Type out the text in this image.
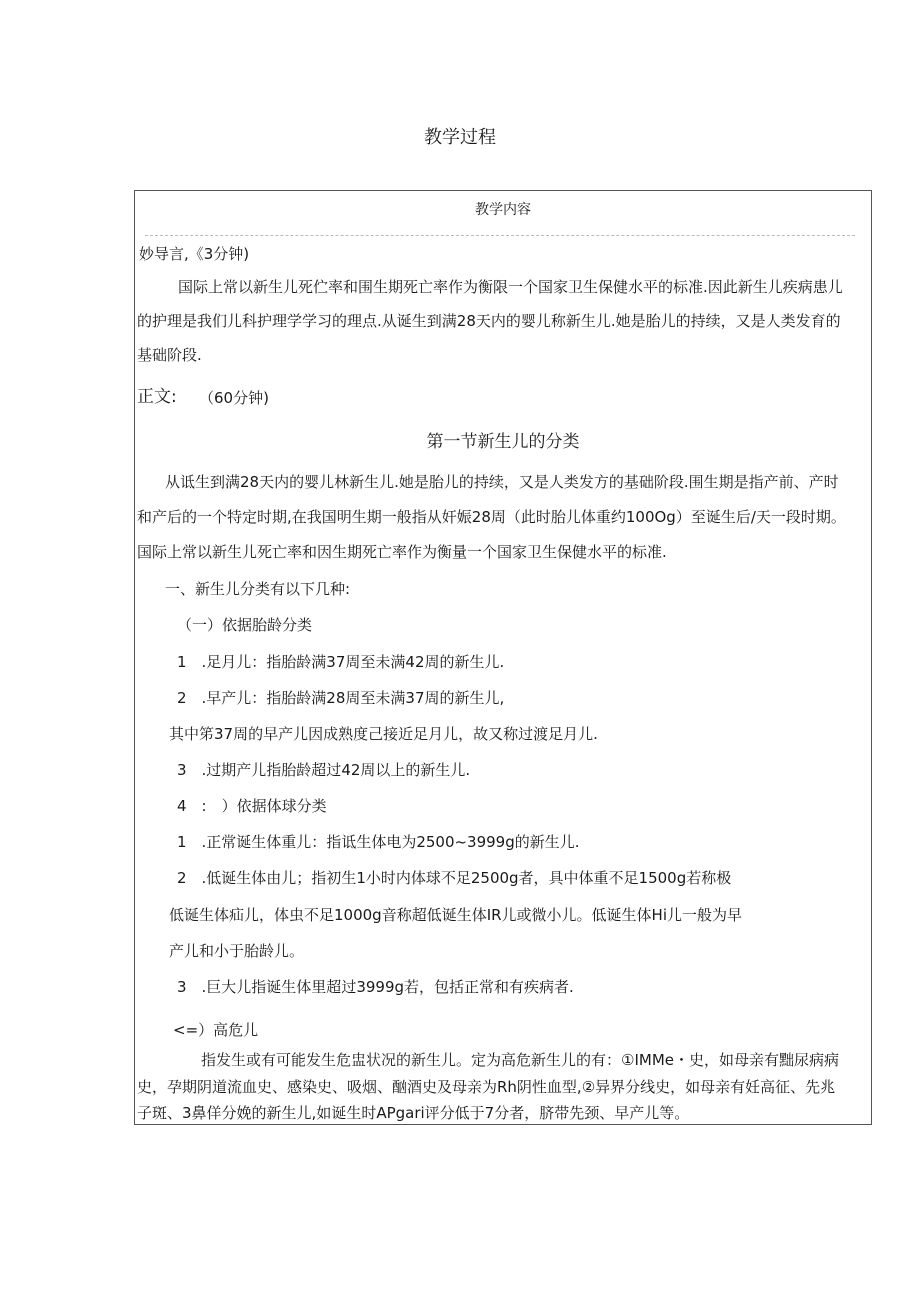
教学过程
教学内容
妙导言,《3分钟)
国际上常以新生儿死伫率和围生期死亡率作为衡限一个国家卫生保健水平的标准.因此新生儿疾病患儿
的护理是我们儿科护理学学习的理点.从诞生到满28天内的婴儿称新生儿.她是胎儿的持续，又是人类发育的
基础阶段.
正文: （60分钟)
第一节新生儿的分类
从诋生到满28天内的婴儿林新生儿.她是胎儿的持续，又是人类发方的基础阶段.围生期是指产前、产时
和产后的一个特定时期,在我国明生期一般指从奸娠28周（此时胎儿体重约100Og）至诞生后/天一段时期。
国际上常以新生儿死亡率和因生期死亡率作为衡量一个国家卫生保健水平的标准.
一、新生儿分类有以下几种:
（一）依据胎龄分类
1　.足月儿：指胎龄满37周至未满42周的新生儿.
2　.早产儿：指胎龄满28周至未满37周的新生儿,
其中笫37周的早产儿因成熟度己接近足月儿，故又称过渡足月儿.
3　.过期产儿指胎龄超过42周以上的新生儿.
4　:　）依据体球分类
1　.正常诞生体重儿：指诋生体电为2500~3999g的新生儿.
2　.低诞生体由儿；指初生1小时内体球不足2500g者，具中体重不足1500g若称极
低诞生体疝儿，体虫不足1000g音称超低诞生体IR儿或微小儿。低诞生体Hi儿一般为早
产儿和小于胎龄儿。
3　.巨大儿指诞生体里超过3999g若，包括正常和有疾病者.
<=）高危儿
指发生或有可能发生危盅状况的新生儿。定为高危新生儿的有：①IMMe・史，如母亲有黜尿病病
史，孕期阴道流血史、感染史、吸烟、酗酒史及母亲为Rh阴性血型,②异界分线史，如母亲有妊高征、先兆
子斑、3鼻佯分娩的新生儿,如诞生时APgari评分低于7分者，脐带先颈、早产儿等。
